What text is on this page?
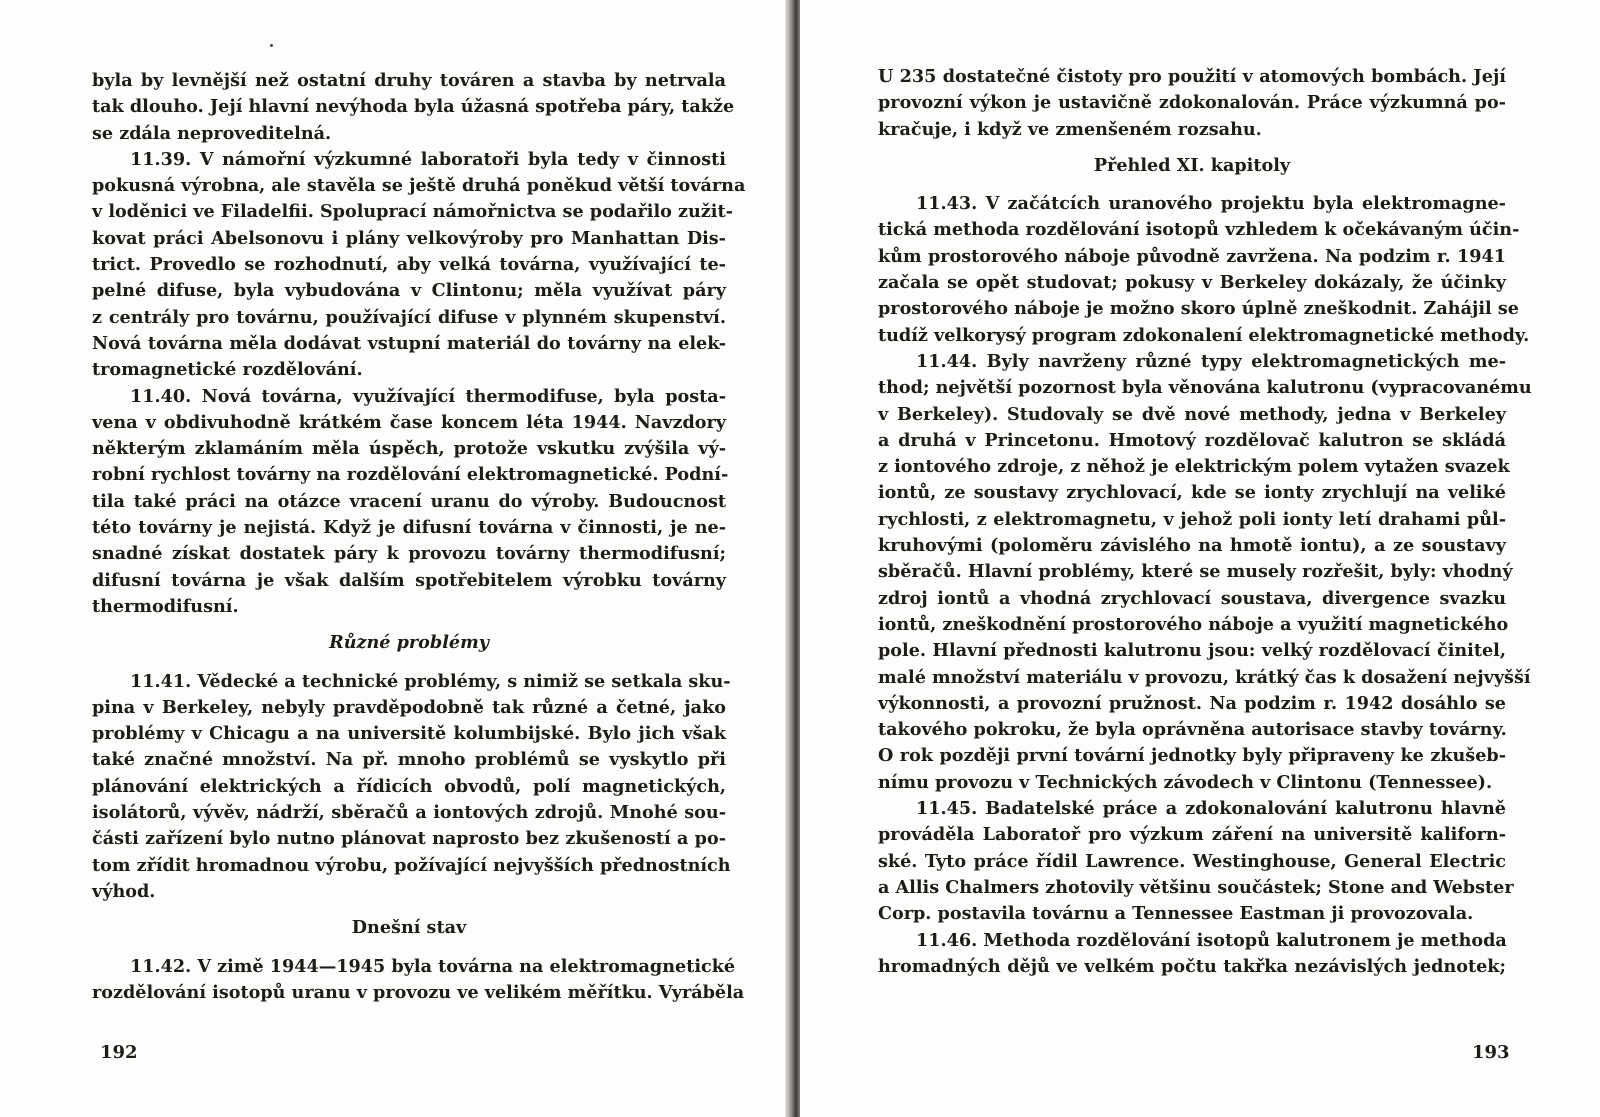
byla by levnější než ostatní druhy továren a stavba by netrvala
tak dlouho. Její hlavní nevýhoda byla úžasná spotřeba páry, takže
se zdála neproveditelná.
11.39. V námořní výzkumné laboratoři byla tedy v činnosti
pokusná výrobna, ale stavěla se ještě druhá poněkud větší továrna
v loděnici ve Filadelfii. Spoluprací námořnictva se podařilo zužit-
kovat práci Abelsonovu i plány velkovýroby pro Manhattan Dis-
trict. Provedlo se rozhodnutí, aby velká továrna, využívající te-
pelné difuse, byla vybudována v Clintonu; měla využívat páry
z centrály pro továrnu, používající difuse v plynném skupenství.
Nová továrna měla dodávat vstupní materiál do továrny na elek-
tromagnetické rozdělování.
11.40. Nová továrna, využívající thermodifuse, byla posta-
vena v obdivuhodně krátkém čase koncem léta 1944. Navzdory
některým zklamáním měla úspěch, protože vskutku zvýšila vý-
robní rychlost továrny na rozdělování elektromagnetické. Podní-
tila také práci na otázce vracení uranu do výroby. Budoucnost
této továrny je nejistá. Když je difusní továrna v činnosti, je ne-
snadné získat dostatek páry k provozu továrny thermodifusní;
difusní továrna je však dalším spotřebitelem výrobku továrny
thermodifusní.
Různé problémy
11.41. Vědecké a technické problémy, s nimiž se setkala sku-
pina v Berkeley, nebyly pravděpodobně tak různé a četné, jako
problémy v Chicagu a na universitě kolumbijské. Bylo jich však
také značné množství. Na př. mnoho problémů se vyskytlo při
plánování elektrických a řídicích obvodů, polí magnetických,
isolátorů, vývěv, nádrží, sběračů a iontových zdrojů. Mnohé sou-
části zařízení bylo nutno plánovat naprosto bez zkušeností a po-
tom zřídit hromadnou výrobu, požívající nejvyšších přednostních
výhod.
Dnešní stav
11.42. V zimě 1944—1945 byla továrna na elektromagnetické
rozdělování isotopů uranu v provozu ve velikém měřítku. Vyráběla
192
U 235 dostatečné čistoty pro použití v atomových bombách. Její
provozní výkon je ustavičně zdokonalován. Práce výzkumná po-
kračuje, i když ve zmenšeném rozsahu.
Přehled XI. kapitoly
11.43. V začátcích uranového projektu byla elektromagne-
tická methoda rozdělování isotopů vzhledem k očekávaným účin-
kům prostorového náboje původně zavržena. Na podzim r. 1941
začala se opět studovat; pokusy v Berkeley dokázaly, že účinky
prostorového náboje je možno skoro úplně zneškodnit. Zahájil se
tudíž velkorysý program zdokonalení elektromagnetické methody.
11.44. Byly navrženy různé typy elektromagnetických me-
thod; největší pozornost byla věnována kalutronu (vypracovanému
v Berkeley). Studovaly se dvě nové methody, jedna v Berkeley
a druhá v Princetonu. Hmotový rozdělovač kalutron se skládá
z iontového zdroje, z něhož je elektrickým polem vytažen svazek
iontů, ze soustavy zrychlovací, kde se ionty zrychlují na veliké
rychlosti, z elektromagnetu, v jehož poli ionty letí drahami půl-
kruhovými (poloměru závislého na hmotě iontu), a ze soustavy
sběračů. Hlavní problémy, které se musely rozřešit, byly: vhodný
zdroj iontů a vhodná zrychlovací soustava, divergence svazku
iontů, zneškodnění prostorového náboje a využití magnetického
pole. Hlavní přednosti kalutronu jsou: velký rozdělovací činitel,
malé množství materiálu v provozu, krátký čas k dosažení nejvyšší
výkonnosti, a provozní pružnost. Na podzim r. 1942 dosáhlo se
takového pokroku, že byla oprávněna autorisace stavby továrny.
O rok později první tovární jednotky byly připraveny ke zkušeb-
nímu provozu v Technických závodech v Clintonu (Tennessee).
11.45. Badatelské práce a zdokonalování kalutronu hlavně
prováděla Laboratoř pro výzkum záření na universitě kaliforn-
ské. Tyto práce řídil Lawrence. Westinghouse, General Electric
a Allis Chalmers zhotovily většinu součástek; Stone and Webster
Corp. postavila továrnu a Tennessee Eastman ji provozovala.
11.46. Methoda rozdělování isotopů kalutronem je methoda
hromadných dějů ve velkém počtu takřka nezávislých jednotek;
193
